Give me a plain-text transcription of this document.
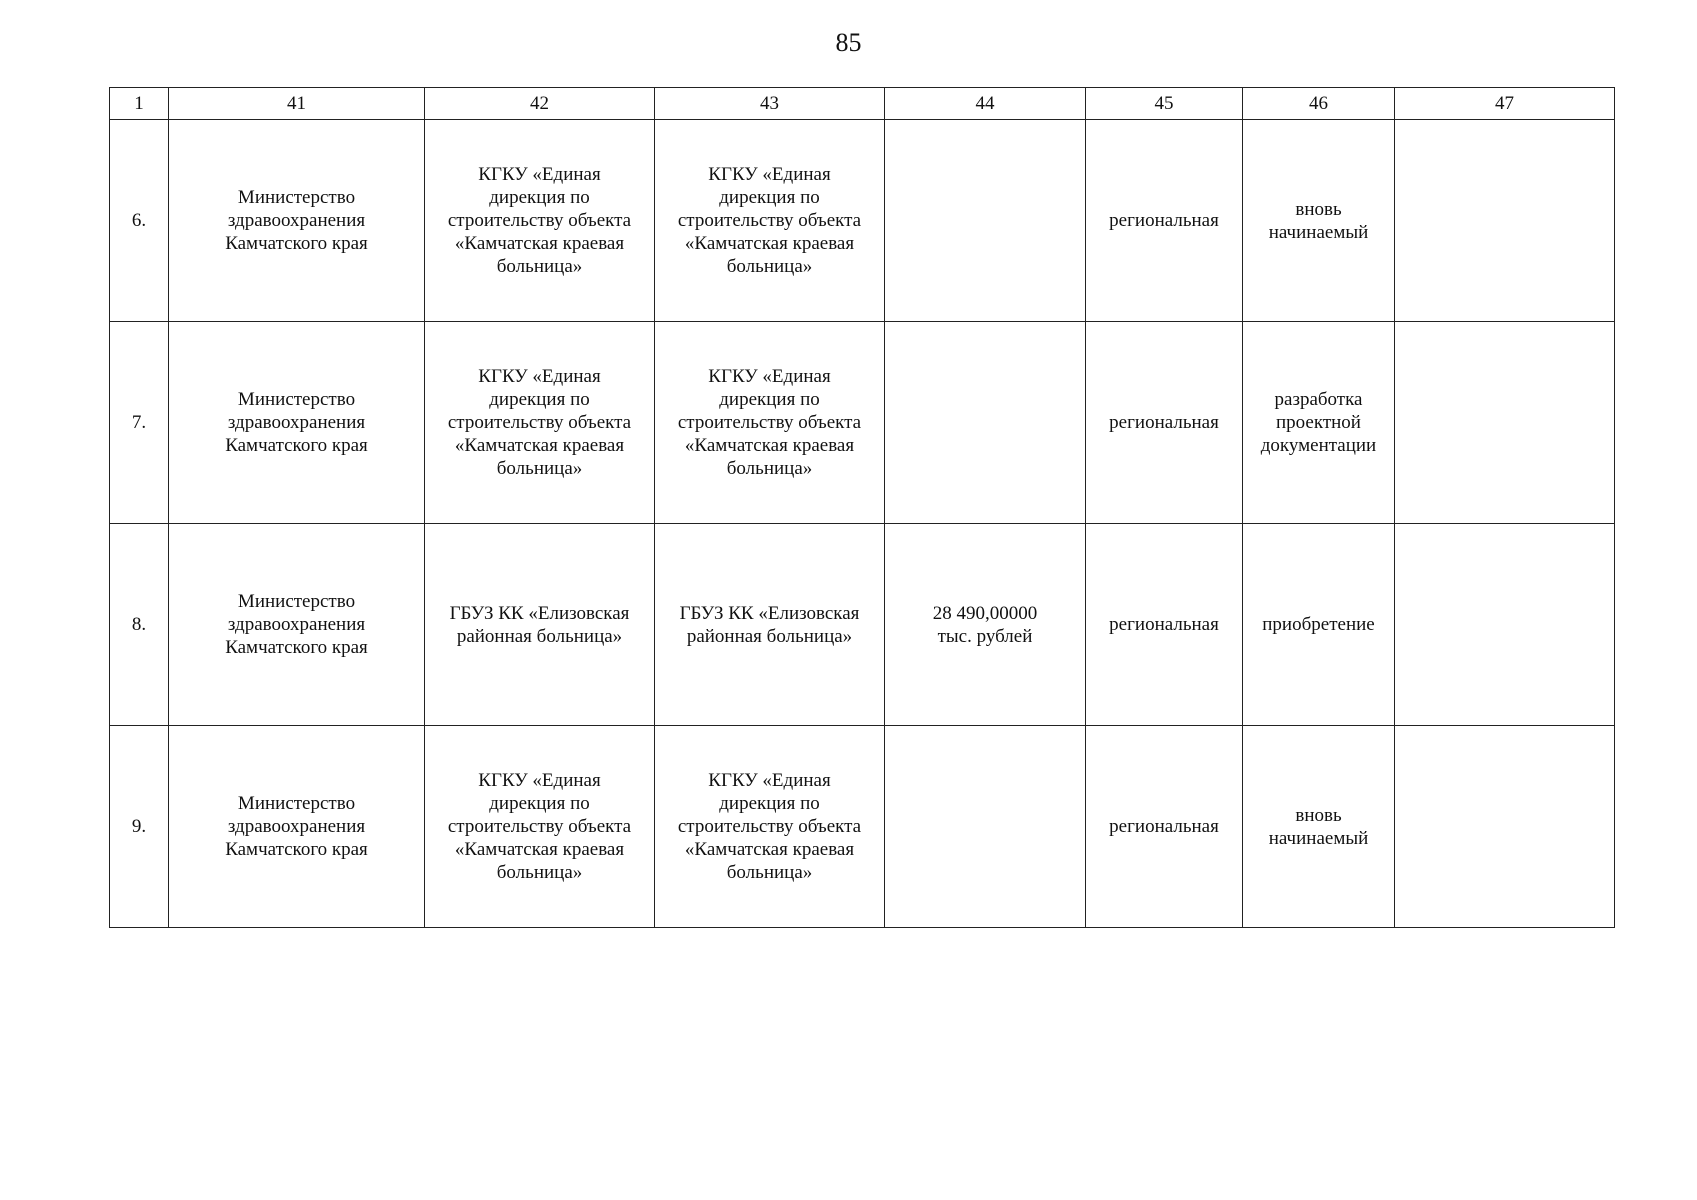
85
1	41	42	43	44	45	46	47
6.	Министерство
здравоохранения
Камчатского края	КГКУ «Единая
дирекция по
строительству объекта
«Камчатская краевая
больница»	КГКУ «Единая
дирекция по
строительству объекта
«Камчатская краевая
больница»		региональная	вновь
начинаемый	
7.	Министерство
здравоохранения
Камчатского края	КГКУ «Единая
дирекция по
строительству объекта
«Камчатская краевая
больница»	КГКУ «Единая
дирекция по
строительству объекта
«Камчатская краевая
больница»		региональная	разработка
проектной
документации	
8.	Министерство
здравоохранения
Камчатского края	ГБУЗ КК «Елизовская
районная больница»	ГБУЗ КК «Елизовская
районная больница»	28 490,00000
тыс. рублей	региональная	приобретение	
9.	Министерство
здравоохранения
Камчатского края	КГКУ «Единая
дирекция по
строительству объекта
«Камчатская краевая
больница»	КГКУ «Единая
дирекция по
строительству объекта
«Камчатская краевая
больница»		региональная	вновь
начинаемый	
